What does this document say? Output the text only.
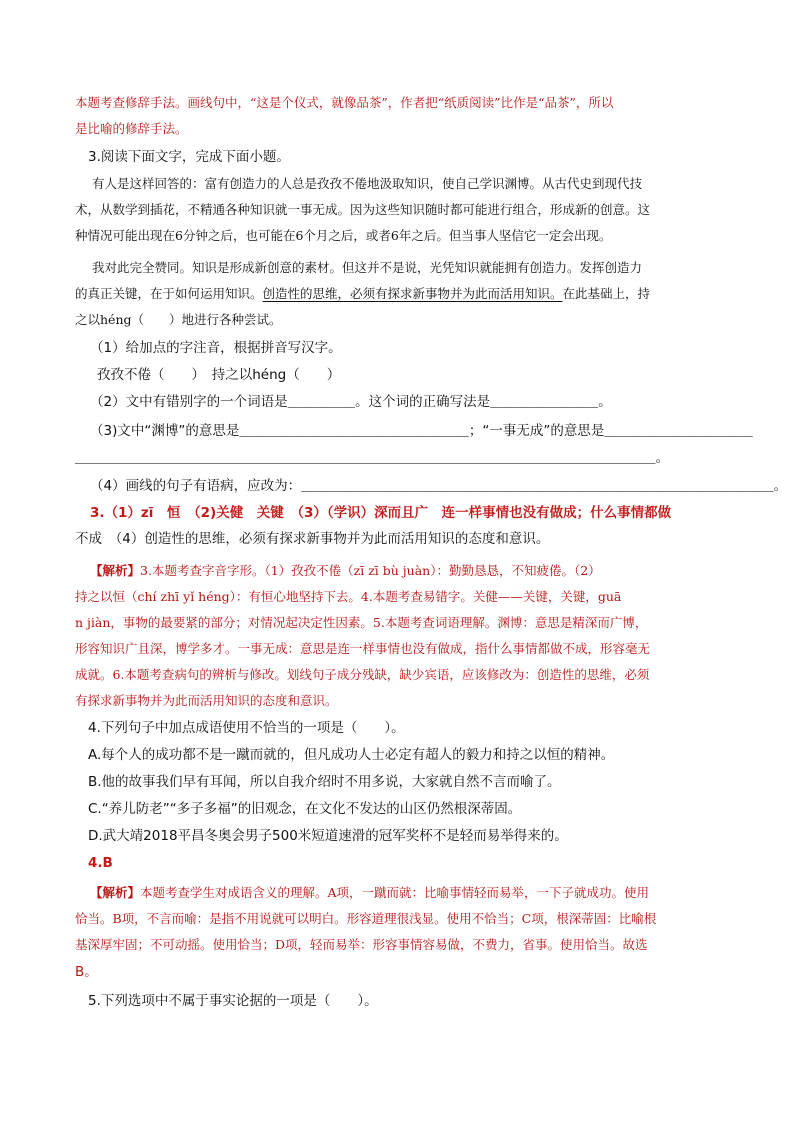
本题考查修辞手法。画线句中，“这是个仪式，就像品茶”，作者把“纸质阅读”比作是“品茶”，所以
是比喻的修辞手法。
3.阅读下面文字，完成下面小题。
有人是这样回答的：富有创造力的人总是孜孜不倦地汲取知识，使自己学识渊博。从古代史到现代技
术，从数学到插花，不精通各种知识就一事无成。因为这些知识随时都可能进行组合，形成新的创意。这
种情况可能出现在6分钟之后，也可能在6个月之后，或者6年之后。但当事人坚信它一定会出现。
我对此完全赞同。知识是形成新创意的素材。但这并不是说，光凭知识就能拥有创造力。发挥创造力
的真正关键，在于如何运用知识。创造性的思维，必须有探求新事物并为此而活用知识。在此基础上，持
之以héng（　　）地进行各种尝试。
（1）给加点的字注音，根据拼音写汉字。
孜孜不倦（　　）　持之以héng（　　）
（2）文中有错别字的一个词语是＿＿＿＿＿。这个词的正确写法是＿＿＿＿＿＿＿＿。
（3)文中“渊博”的意思是＿＿＿＿＿＿＿＿＿＿＿＿＿＿＿＿＿；“一事无成”的意思是＿＿＿＿＿＿＿＿＿＿＿
＿＿＿＿＿＿＿＿＿＿＿＿＿＿＿＿＿＿＿＿＿＿＿＿＿＿＿＿＿＿＿＿＿＿＿＿＿＿＿＿＿＿＿。
（4）画线的句子有语病，应改为：＿＿＿＿＿＿＿＿＿＿＿＿＿＿＿＿＿＿＿＿＿＿＿＿＿＿＿＿＿＿＿＿＿＿＿。
3.（1）zī　恒　（2)关健　关键　（3）（学识）深而且广　连一样事情也没有做成；什么事情都做
不成　（4）创造性的思维，必须有探求新事物并为此而活用知识的态度和意识。
【解析】3.本题考查字音字形。（1）孜孜不倦（zī zī bù juàn）：勤勤恳恳，不知疲倦。（2）
持之以恒（chí zhī yǐ héng）：有恒心地坚持下去。4.本题考查易错字。关健——关键，关键，guā
n jiàn，事物的最要紧的部分；对情况起决定性因素。5.本题考查词语理解。渊博：意思是精深而广博，
形容知识广且深，博学多才。一事无成：意思是连一样事情也没有做成，指什么事情都做不成，形容毫无
成就。6.本题考查病句的辨析与修改。划线句子成分残缺，缺少宾语，应该修改为：创造性的思维，必须
有探求新事物并为此而活用知识的态度和意识。
4.下列句子中加点成语使用不恰当的一项是（　　）。
A.每个人的成功都不是一蹴而就的，但凡成功人士必定有超人的毅力和持之以恒的精神。
B.他的故事我们早有耳闻，所以自我介绍时不用多说，大家就自然不言而喻了。
C.“养儿防老”“多子多福”的旧观念，在文化不发达的山区仍然根深蒂固。
D.武大靖2018平昌冬奥会男子500米短道速滑的冠军奖杯不是轻而易举得来的。
4.B
【解析】本题考查学生对成语含义的理解。A项，一蹴而就：比喻事情轻而易举，一下子就成功。使用
恰当。B项，不言而喻：是指不用说就可以明白。形容道理很浅显。使用不恰当；C项，根深蒂固：比喻根
基深厚牢固；不可动摇。使用恰当；D项，轻而易举：形容事情容易做，不费力，省事。使用恰当。故选
B。
5.下列选项中不属于事实论据的一项是（　　）。
